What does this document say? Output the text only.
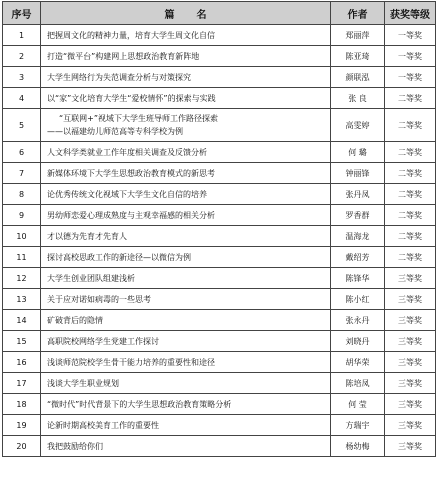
序号	篇名	作者	获奖等级
1	把握周文化的精神力量，培育大学生周文化自信	郑丽萍	一等奖
2	打造“微平台”构建网上思想政治教育新阵地	陈亚琦	一等奖
3	大学生网络行为失范调查分析与对策探究	颜联泓	一等奖
4	以“家”文化培育大学生“爱校情怀”的探索与实践	张 良	二等奖
5	“互联网+”视域下大学生班导师工作路径探索
——以福建幼儿师范高等专科学校为例	高雯婷	二等奖
6	人文科学类就业工作年度相关调查及反馈分析	何 璐	二等奖
7	新媒体环境下大学生思想政治教育模式的新思考	钟丽锋	二等奖
8	论优秀传统文化视域下大学生文化自信的培养	张丹凤	二等奖
9	男幼师恋爱心理成熟度与主观幸福感的相关分析	罗香群	二等奖
10	才以德为先育才先育人	温海龙	二等奖
11	探讨高校思政工作的新途径—以微信为例	戴绍芳	二等奖
12	大学生创业团队组建浅析	陈锋华	三等奖
13	关于应对诺如病毒的一些思考	陈小红	三等奖
14	矿破背后的隐情	张永丹	三等奖
15	高职院校网络学生党建工作探讨	刘晓丹	三等奖
16	浅谈师范院校学生骨干能力培养的重要性和途径	胡华荣	三等奖
17	浅谈大学生职业规划	陈培凤	三等奖
18	“微时代”时代背景下的大学生思想政治教育策略分析	何 莹	三等奖
19	论新时期高校美育工作的重要性	方瑞宇	三等奖
20	我把鼓励给你们	杨幼梅	三等奖
